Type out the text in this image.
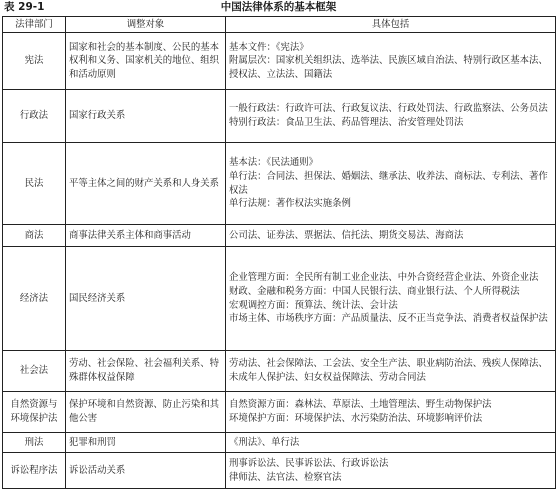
表 29-1	中国法律体系的基本框架
法律部门	调整对象	具体包括
宪法	国家和社会的基本制度、公民的基本权利和义务、国家机关的地位、组织和活动原则	基本文件：《宪法》
附属层次：国家机关组织法、选举法、民族区域自治法、特别行政区基本法、授权法、立法法、国籍法

行政法	国家行政关系	一般行政法：行政许可法、行政复议法、行政处罚法、行政监察法、公务员法
特别行政法：食品卫生法、药品管理法、治安管理处罚法

民法	平等主体之间的财产关系和人身关系	基本法：《民法通则》
单行法：合同法、担保法、婚姻法、继承法、收养法、商标法、专利法、著作权法
单行法规：著作权法实施条例

商法	商事法律关系主体和商事活动	公司法、证券法、票据法、信托法、期货交易法、海商法

经济法	国民经济关系	企业管理方面：全民所有制工业企业法、中外合资经营企业法、外资企业法
财政、金融和税务方面：中国人民银行法、商业银行法、个人所得税法
宏观调控方面：预算法、统计法、会计法
市场主体、市场秩序方面：产品质量法、反不正当竞争法、消费者权益保护法

社会法	劳动、社会保险、社会福利关系、特殊群体权益保障	劳动法、社会保障法、工会法、安全生产法、职业病防治法、残疾人保障法、未成年人保护法、妇女权益保障法、劳动合同法

自然资源与环境保护法	保护环境和自然资源、防止污染和其他公害	自然资源方面：森林法、草原法、土地管理法、野生动物保护法
环境保护方面：环境保护法、水污染防治法、环境影响评价法

刑法	犯罪和刑罚	《刑法》、单行法

诉讼程序法	诉讼活动关系	刑事诉讼法、民事诉讼法、行政诉讼法
律师法、法官法、检察官法
